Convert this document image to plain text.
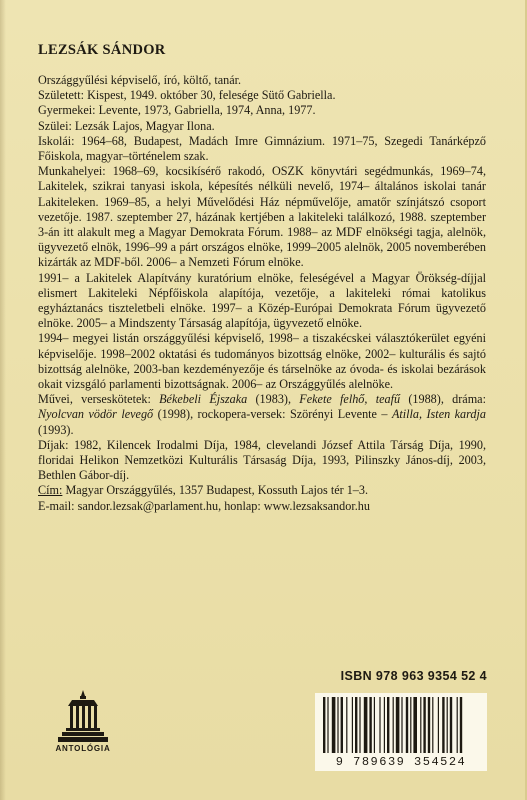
LEZSÁK SÁNDOR

Országgyűlési képviselő, író, költő, tanár.

Született: Kispest, 1949. október 30, felesége Sütő Gabriella.

Gyermekei: Levente, 1973, Gabriella, 1974, Anna, 1977.

Szülei: Lezsák Lajos, Magyar Ilona.

Iskolái: 1964–68, Budapest, Madách Imre Gimnázium. 1971–75, Szegedi Tanárképző Főiskola, magyar–történelem szak.

Munkahelyei: 1968–69, kocsikísérő rakodó, OSZK könyvtári segédmunkás, 1969–74, Lakitelek, szikrai tanyasi iskola, képesítés nélküli nevelő, 1974– általános iskolai tanár Lakiteleken. 1969–85, a helyi Művelődési Ház népművelője, amatőr színjátszó csoport vezetője. 1987. szeptember 27, házának kertjében a lakiteleki találkozó, 1988. szeptember 3-án itt alakult meg a Magyar Demokrata Fórum. 1988– az MDF elnökségi tagja, alelnök, ügyvezető elnök, 1996–99 a párt országos elnöke, 1999–2005 alelnök, 2005 novemberében kizárták az MDF-ből. 2006– a Nemzeti Fórum elnöke.

1991– a Lakitelek Alapítvány kuratórium elnöke, feleségével a Magyar Örökség-díjjal elismert Lakiteleki Népfőiskola alapítója, vezetője, a lakiteleki római katolikus egyháztanács tiszteletbeli elnöke. 1997– a Közép-Európai Demokrata Fórum ügyvezető elnöke. 2005– a Mindszenty Társaság alapítója, ügyvezető elnöke.

1994– megyei listán országgyűlési képviselő, 1998– a tiszakécskei választókerület egyéni képviselője. 1998–2002 oktatási és tudományos bizottság elnöke, 2002– kulturális és sajtó bizottság alelnöke, 2003-ban kezdeményezője és társelnöke az óvoda- és iskolai bezárások okait vizsgáló parlamenti bizottságnak. 2006– az Országgyűlés alelnöke.

Művei, verseskötetek: Békebeli Éjszaka (1983), Fekete felhő, teafű (1988), dráma: Nyolcvan vödör levegő (1998), rockopera-versek: Szörényi Levente – Atilla, Isten kardja (1993).

Díjak: 1982, Kilencek Irodalmi Díja, 1984, clevelandi József Attila Társág Díja, 1990, floridai Helikon Nemzetközi Kulturális Társaság Díja, 1993, Pilinszky János-díj, 2003, Bethlen Gábor-díj.

Cím: Magyar Országgyűlés, 1357 Budapest, Kossuth Lajos tér 1–3.

E-mail: sandor.lezsak@parlament.hu, honlap: www.lezsaksandor.hu

ISBN 978 963 9354 52 4
9 789639 354524
ANTOLÓGIA
